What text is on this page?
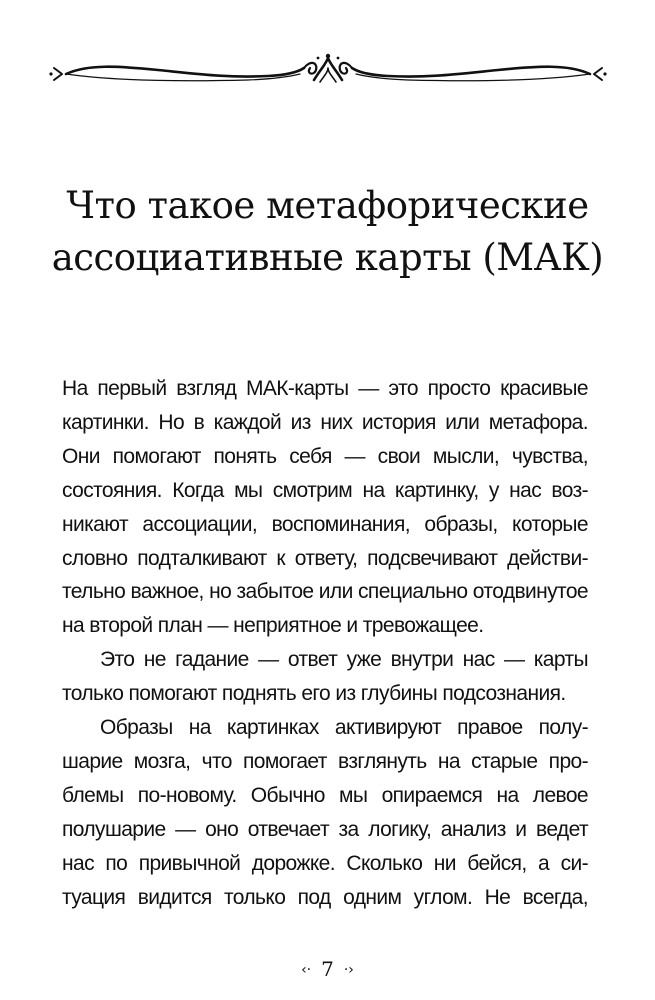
Что такое метафорические
ассоциативные карты (МАК)
На первый взгляд МАК-карты — это просто красивые
картинки. Но в каждой из них история или метафора.
Они помогают понять себя — свои мысли, чувства,
состояния. Когда мы смотрим на картинку, у нас воз-
никают ассоциации, воспоминания, образы, которые
словно подталкивают к ответу, подсвечивают действи-
тельно важное, но забытое или специально отодвинутое
на второй план — неприятное и тревожащее.
Это не гадание — ответ уже внутри нас — карты
только помогают поднять его из глубины подсознания.
Образы на картинках активируют правое полу-
шарие мозга, что помогает взглянуть на старые про-
блемы по-новому. Обычно мы опираемся на левое
полушарие — оно отвечает за логику, анализ и ведет
нас по привычной дорожке. Сколько ни бейся, а си-
туация видится только под одним углом. Не всегда,
‹· 7 ·›
